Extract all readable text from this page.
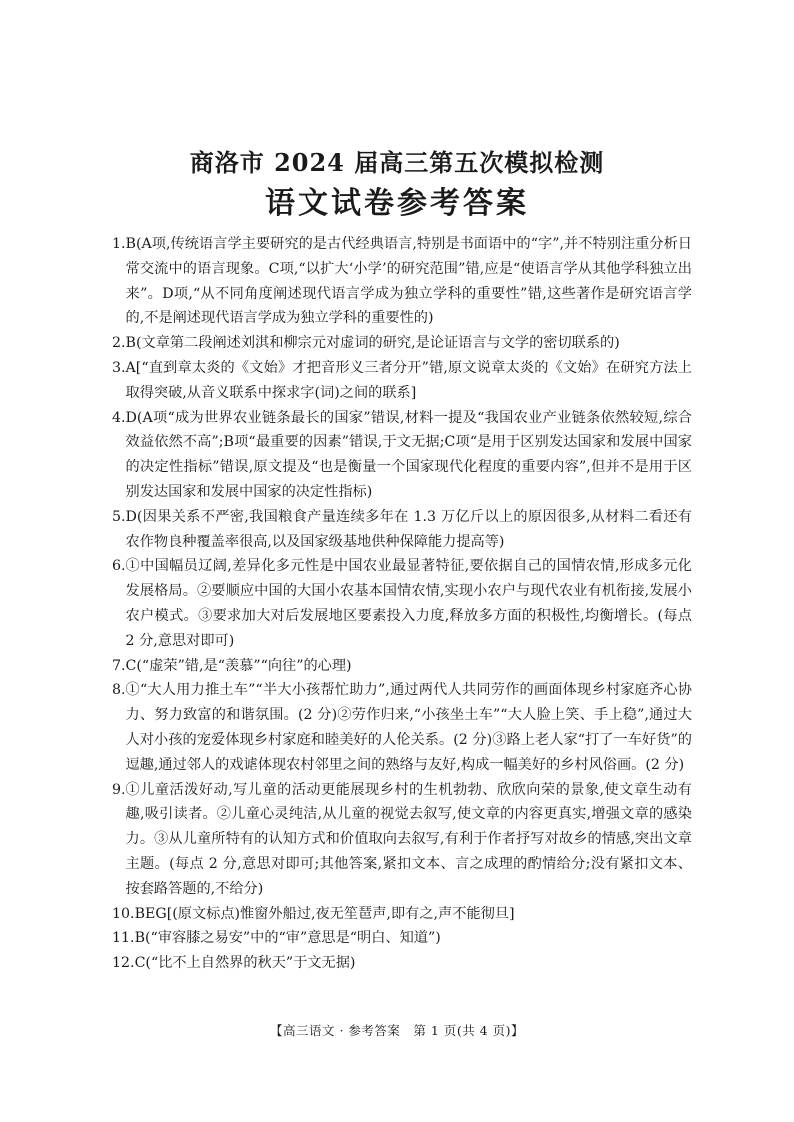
商洛市 2024 届高三第五次模拟检测
语文试卷参考答案
1. B(A项,传统语言学主要研究的是古代经典语言,特别是书面语中的“字”,并不特别注重分析日常交流中的语言现象。C项,“以扩大‘小学’的研究范围”错,应是“使语言学从其他学科独立出来”。D项,“从不同角度阐述现代语言学成为独立学科的重要性”错,这些著作是研究语言学的,不是阐述现代语言学成为独立学科的重要性的)
2. B(文章第二段阐述刘淇和柳宗元对虚词的研究,是论证语言与文学的密切联系的)
3. A[“直到章太炎的《文始》才把音形义三者分开”错,原文说章太炎的《文始》在研究方法上取得突破,从音义联系中探求字(词)之间的联系]
4. D(A项“成为世界农业链条最长的国家”错误,材料一提及“我国农业产业链条依然较短,综合效益依然不高”;B项“最重要的因素”错误,于文无据;C项“是用于区别发达国家和发展中国家的决定性指标”错误,原文提及“也是衡量一个国家现代化程度的重要内容”,但并不是用于区别发达国家和发展中国家的决定性指标)
5. D(因果关系不严密,我国粮食产量连续多年在 1.3 万亿斤以上的原因很多,从材料二看还有农作物良种覆盖率很高,以及国家级基地供种保障能力提高等)
6. ①中国幅员辽阔,差异化多元性是中国农业最显著特征,要依据自己的国情农情,形成多元化发展格局。②要顺应中国的大国小农基本国情农情,实现小农户与现代农业有机衔接,发展小农户模式。③要求加大对后发展地区要素投入力度,释放多方面的积极性,均衡增长。(每点 2 分,意思对即可)
7. C(“虚荣”错,是“羡慕”“向往”的心理)
8. ①“大人用力推土车”“半大小孩帮忙助力”,通过两代人共同劳作的画面体现乡村家庭齐心协力、努力致富的和谐氛围。(2 分)②劳作归来,“小孩坐土车”“大人脸上笑、手上稳”,通过大人对小孩的宠爱体现乡村家庭和睦美好的人伦关系。(2 分)③路上老人家“打了一车好货”的逗趣,通过邻人的戏谑体现农村邻里之间的熟络与友好,构成一幅美好的乡村风俗画。(2 分)
9. ①儿童活泼好动,写儿童的活动更能展现乡村的生机勃勃、欣欣向荣的景象,使文章生动有趣,吸引读者。②儿童心灵纯洁,从儿童的视觉去叙写,使文章的内容更真实,增强文章的感染力。③从儿童所特有的认知方式和价值取向去叙写,有利于作者抒写对故乡的情感,突出文章主题。(每点 2 分,意思对即可;其他答案,紧扣文本、言之成理的酌情给分;没有紧扣文本、按套路答题的,不给分)
10. BEG[(原文标点)惟窗外船过,夜无笙琶声,即有之,声不能彻旦]
11. B(“审容膝之易安”中的“审”意思是“明白、知道”)
12. C(“比不上自然界的秋天”于文无据)
【高三语文 · 参考答案　第 1 页(共 4 页)】
